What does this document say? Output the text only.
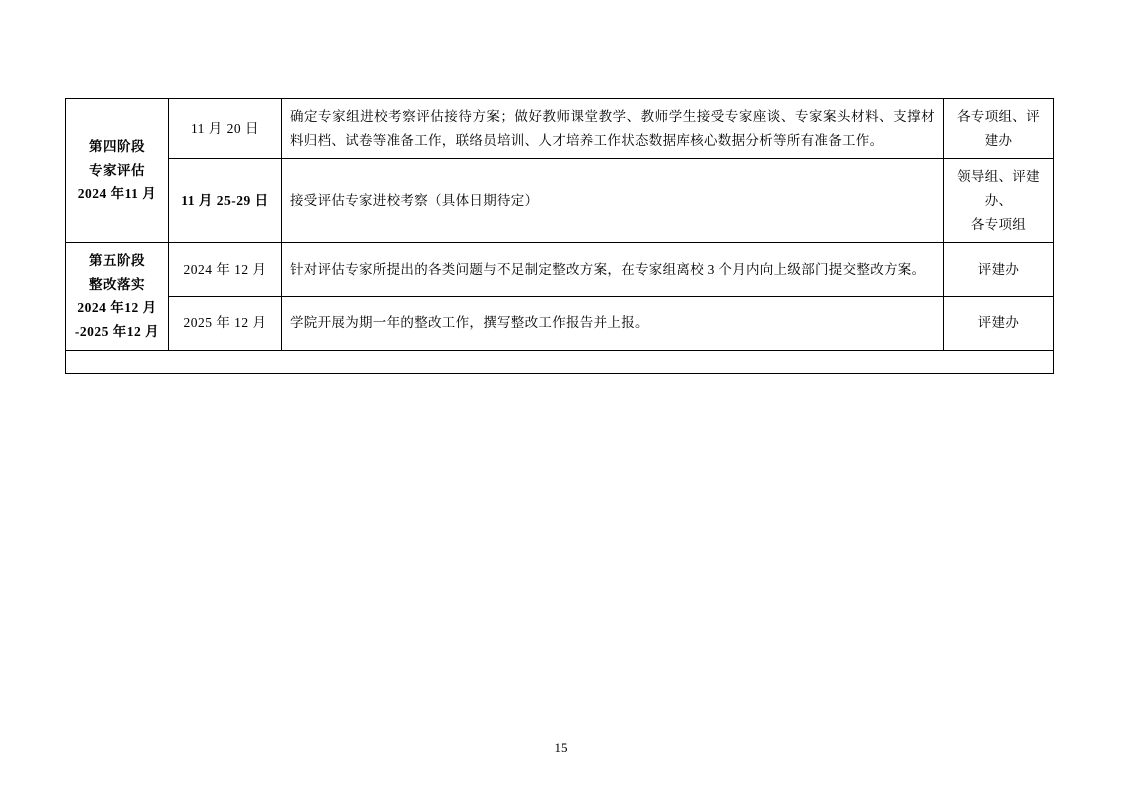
第四阶段
专家评估
2024 年11 月	11 月 20 日	确定专家组进校考察评估接待方案；做好教师课堂教学、教师学生接受专家座谈、专家案头材料、支撑材料归档、试卷等准备工作，联络员培训、人才培养工作状态数据库核心数据分析等所有准备工作。	各专项组、评建办

	11 月 25-29 日	接受评估专家进校考察（具体日期待定）	领导组、评建办、
各专项组

第五阶段
整改落实
2024 年12 月
-2025 年12 月	2024 年 12 月	针对评估专家所提出的各类问题与不足制定整改方案，在专家组离校 3 个月内向上级部门提交整改方案。	评建办

	2025 年 12 月	学院开展为期一年的整改工作，撰写整改工作报告并上报。	评建办

15
